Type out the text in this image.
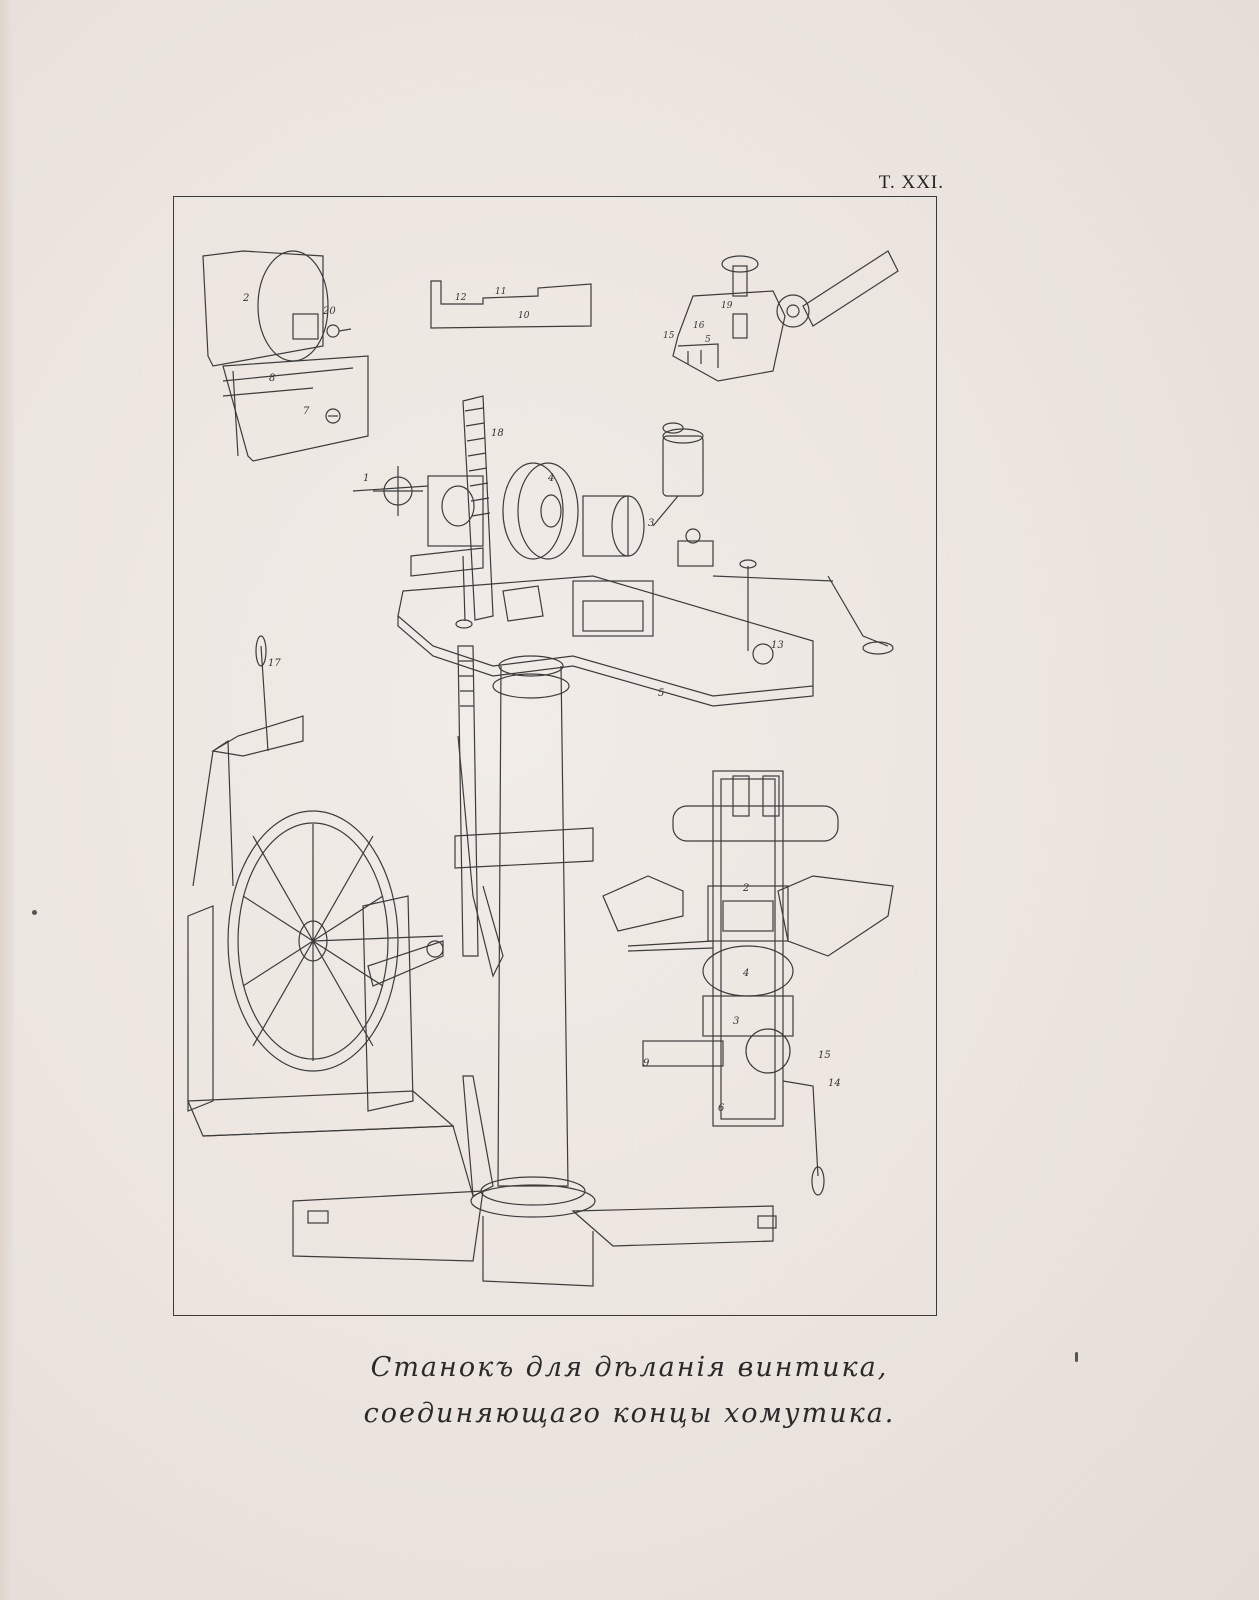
T. XXI.
8
7
20
2	12
11
10
19
16
15	5
1
18
4
3
13
5
17
2
4
3
9
15
14
6
Станокъ для дѣланія винтика,
соединяющаго концы хомутика.
